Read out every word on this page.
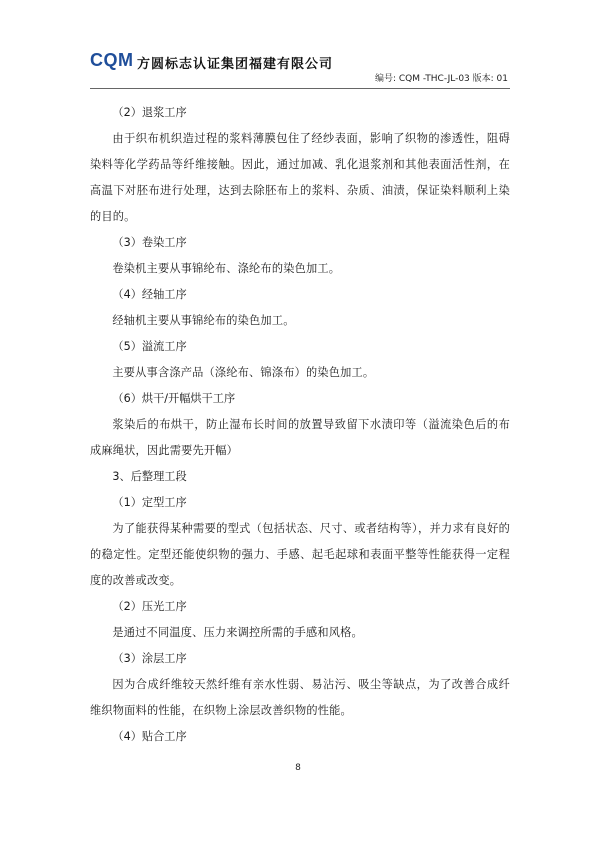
CQM 方圆标志认证集团福建有限公司
编号: CQM -THC-JL-03 版本: 01

（2）退浆工序

由于织布机织造过程的浆料薄膜包住了经纱表面，影响了织物的渗透性，阻碍染料等化学药品等纤维接触。因此，通过加减、乳化退浆剂和其他表面活性剂，在高温下对胚布进行处理，达到去除胚布上的浆料、杂质、油渍，保证染料顺利上染的目的。

（3）卷染工序

卷染机主要从事锦纶布、涤纶布的染色加工。

（4）经轴工序

经轴机主要从事锦纶布的染色加工。

（5）溢流工序

主要从事含涤产品（涤纶布、锦涤布）的染色加工。

（6）烘干/开幅烘干工序

浆染后的布烘干，防止湿布长时间的放置导致留下水渍印等（溢流染色后的布成麻绳状，因此需要先开幅）

3、后整理工段

（1）定型工序

为了能获得某种需要的型式（包括状态、尺寸、或者结构等），并力求有良好的的稳定性。定型还能使织物的强力、手感、起毛起球和表面平整等性能获得一定程度的改善或改变。

（2）压光工序

是通过不同温度、压力来调控所需的手感和风格。

（3）涂层工序

因为合成纤维较天然纤维有亲水性弱、易沾污、吸尘等缺点，为了改善合成纤维织物面料的性能，在织物上涂层改善织物的性能。

（4）贴合工序

8
